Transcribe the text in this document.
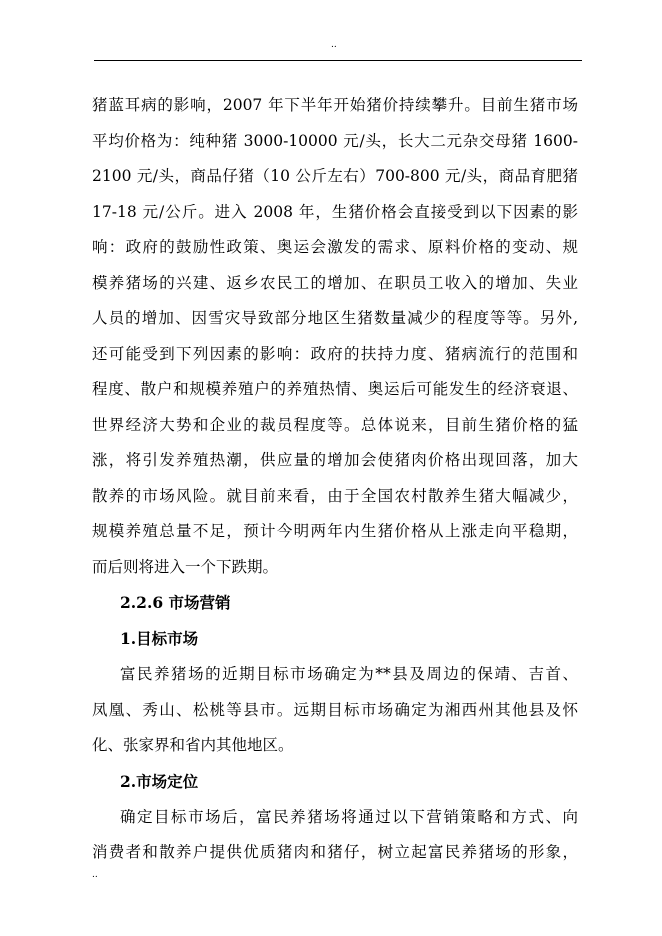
..
猪蓝耳病的影响，2007 年下半年开始猪价持续攀升。目前生猪市场
平均价格为：纯种猪 3000-10000 元/头，长大二元杂交母猪 1600-
2100 元/头，商品仔猪（10 公斤左右）700-800 元/头，商品育肥猪
17-18 元/公斤。进入 2008 年，生猪价格会直接受到以下因素的影
响：政府的鼓励性政策、奥运会激发的需求、原料价格的变动、规
模养猪场的兴建、返乡农民工的增加、在职员工收入的增加、失业
人员的增加、因雪灾导致部分地区生猪数量减少的程度等等。另外,
还可能受到下列因素的影响：政府的扶持力度、猪病流行的范围和
程度、散户和规模养殖户的养殖热情、奥运后可能发生的经济衰退、
世界经济大势和企业的裁员程度等。总体说来，目前生猪价格的猛
涨，将引发养殖热潮，供应量的增加会使猪肉价格出现回落，加大
散养的市场风险。就目前来看，由于全国农村散养生猪大幅减少，
规模养殖总量不足，预计今明两年内生猪价格从上涨走向平稳期，
而后则将进入一个下跌期。
2.2.6 市场营销
1.目标市场
富民养猪场的近期目标市场确定为**县及周边的保靖、吉首、
凤凰、秀山、松桃等县市。远期目标市场确定为湘西州其他县及怀
化、张家界和省内其他地区。
2.市场定位
确定目标市场后，富民养猪场将通过以下营销策略和方式、向
消费者和散养户提供优质猪肉和猪仔，树立起富民养猪场的形象，
..
